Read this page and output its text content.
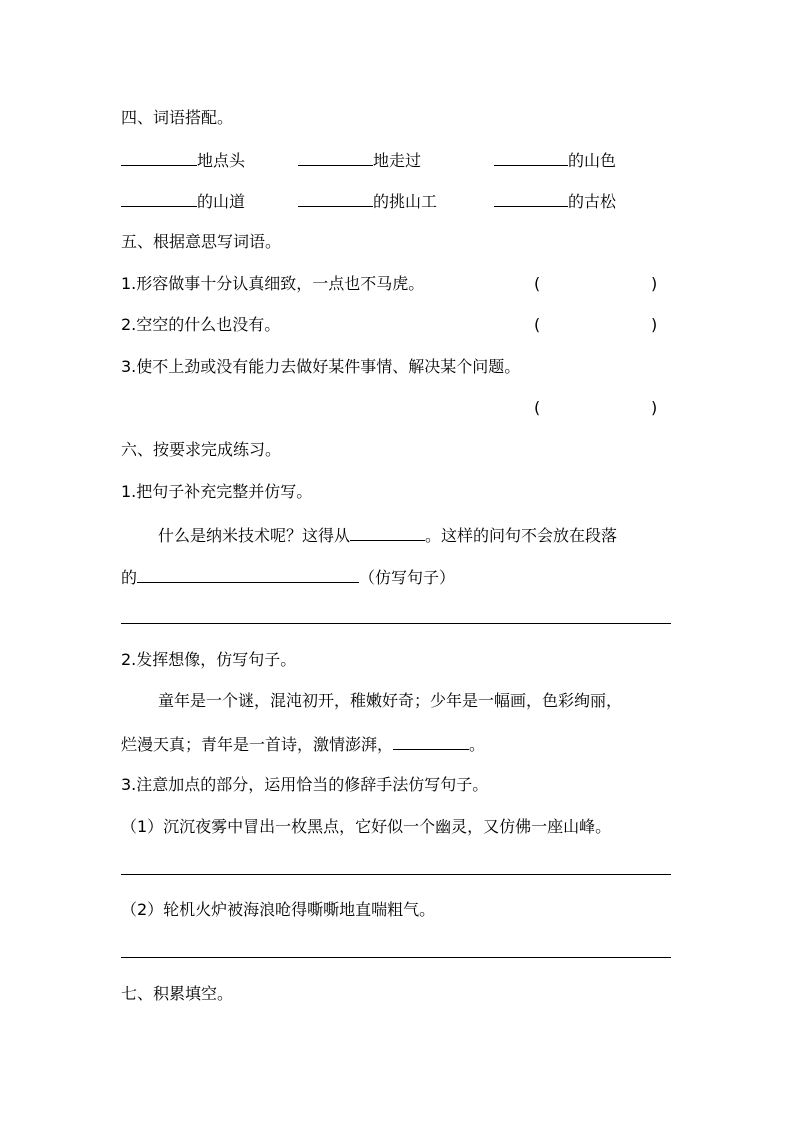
四、词语搭配。
地点头	地走过	的山色
的山道	的挑山工	的古松
五、根据意思写词语。
1.形容做事十分认真细致，一点也不马虎。	(	)
2.空空的什么也没有。	(	)
3.使不上劲或没有能力去做好某件事情、解决某个问题。
(	)
六、按要求完成练习。
1.把句子补充完整并仿写。
什么是纳米技术呢？这得从	。这样的问句不会放在段落
的	（仿写句子）
2.发挥想像，仿写句子。
童年是一个谜，混沌初开，稚嫩好奇；少年是一幅画，色彩绚丽，
烂漫天真；青年是一首诗，激情澎湃，	。
3.注意加点的部分，运用恰当的修辞手法仿写句子。
（1）沉沉夜雾中冒出一枚黑点，它好似一个幽灵，又仿佛一座山峰。
（2）轮机火炉被海浪呛得嘶嘶地直喘粗气。
七、积累填空。
